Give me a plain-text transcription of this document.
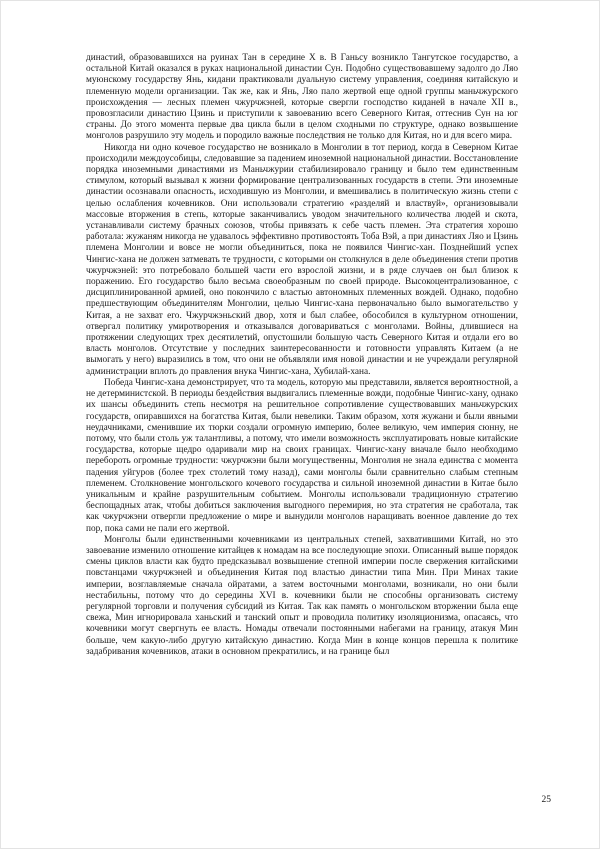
династий, образовавшихся на руинах Тан в середине X в. В Ганьсу возникло Тангутское государство, а остальной Китай оказался в руках национальной династии Сун. Подобно существовавшему задолго до Ляо муюнскому государству Янь, кидани практиковали дуальную систему управления, соединяя китайскую и племенную модели организации. Так же, как и Янь, Ляо пало жертвой еще одной группы маньчжурского происхождения — лесных племен чжурчжэней, которые свергли господство киданей в начале XII в., провозгласили династию Цзинь и приступили к завоеванию всего Северного Китая, оттеснив Сун на юг страны. До этого момента первые два цикла были в целом сходными по структуре, однако возвышение монголов разрушило эту модель и породило важные последствия не только для Китая, но и для всего мира.

Никогда ни одно кочевое государство не возникало в Монголии в тот период, когда в Северном Китае происходили междоусобицы, следовавшие за падением иноземной национальной династии. Восстановление порядка иноземными династиями из Маньчжурии стабилизировало границу и было тем единственным стимулом, который вызывал к жизни формирование централизованных государств в степи. Эти иноземные династии осознавали опасность, исходившую из Монголии, и вмешивались в политическую жизнь степи с целью ослабления кочевников. Они использовали стратегию «разделяй и властвуй», организовывали массовые вторжения в степь, которые заканчивались уводом значительного количества людей и скота, устанавливали систему брачных союзов, чтобы привязать к себе часть племен. Эта стратегия хорошо работала: жужаням никогда не удавалось эффективно противостоять Тоба Вэй, а при династиях Ляо и Цзинь племена Монголии и вовсе не могли объединиться, пока не появился Чингис-хан. Позднейший успех Чингис-хана не должен затмевать те трудности, с которыми он столкнулся в деле объединения степи против чжурчжэней: это потребовало большей части его взрослой жизни, и в ряде случаев он был близок к поражению. Его государство было весьма своеобразным по своей природе. Высокоцентрализованное, с дисциплинированной армией, оно покончило с властью автономных племенных вождей. Однако, подобно предшествующим объединителям Монголии, целью Чингис-хана первоначально было вымогательство у Китая, а не захват его. Чжурчжэньский двор, хотя и был слабее, обособился в культурном отношении, отвергал политику умиротворения и отказывался договариваться с монголами. Войны, длившиеся на протяжении следующих трех десятилетий, опустошили большую часть Северного Китая и отдали его во власть монголов. Отсутствие у последних заинтересованности и готовности управлять Китаем (а не вымогать у него) выразились в том, что они не объявляли имя новой династии и не учреждали регулярной администрации вплоть до правления внука Чингис-хана, Хубилай-хана.

Победа Чингис-хана демонстрирует, что та модель, которую мы представили, является вероятностной, а не детерминистской. В периоды бездействия выдвигались племенные вожди, подобные Чингис-хану, однако их шансы объединить степь несмотря на решительное сопротивление существовавших маньчжурских государств, опиравшихся на богатства Китая, были невелики. Таким образом, хотя жужани и были явными неудачниками, сменившие их тюрки создали огромную империю, более великую, чем империя сюнну, не потому, что были столь уж талантливы, а потому, что имели возможность эксплуатировать новые китайские государства, которые щедро одаривали мир на своих границах. Чингис-хану вначале было необходимо перебороть огромные трудности: чжурчжэни были могущественны, Монголия не знала единства с момента падения уйгуров (более трех столетий тому назад), сами монголы были сравнительно слабым степным племенем. Столкновение монгольского кочевого государства и сильной иноземной династии в Китае было уникальным и крайне разрушительным событием. Монголы использовали традиционную стратегию беспощадных атак, чтобы добиться заключения выгодного перемирия, но эта стратегия не сработала, так как чжурчжэни отвергли предложение о мире и вынудили монголов наращивать военное давление до тех пор, пока сами не пали его жертвой.

Монголы были единственными кочевниками из центральных степей, захватившими Китай, но это завоевание изменило отношение китайцев к номадам на все последующие эпохи. Описанный выше порядок смены циклов власти как будто предсказывал возвышение степной империи после свержения китайскими повстанцами чжурчжэней и объединения Китая под властью династии типа Мин. При Минах такие империи, возглавляемые сначала ойратами, а затем восточными монголами, возникали, но они были нестабильны, потому что до середины XVI в. кочевники были не способны организовать систему регулярной торговли и получения субсидий из Китая. Так как память о монгольском вторжении была еще свежа, Мин игнорировала ханьский и танский опыт и проводила политику изоляционизма, опасаясь, что кочевники могут свергнуть ее власть. Номады отвечали постоянными набегами на границу, атакуя Мин больше, чем какую-либо другую китайскую династию. Когда Мин в конце концов перешла к политике задабривания кочевников, атаки в основном прекратились, и на границе был

25
